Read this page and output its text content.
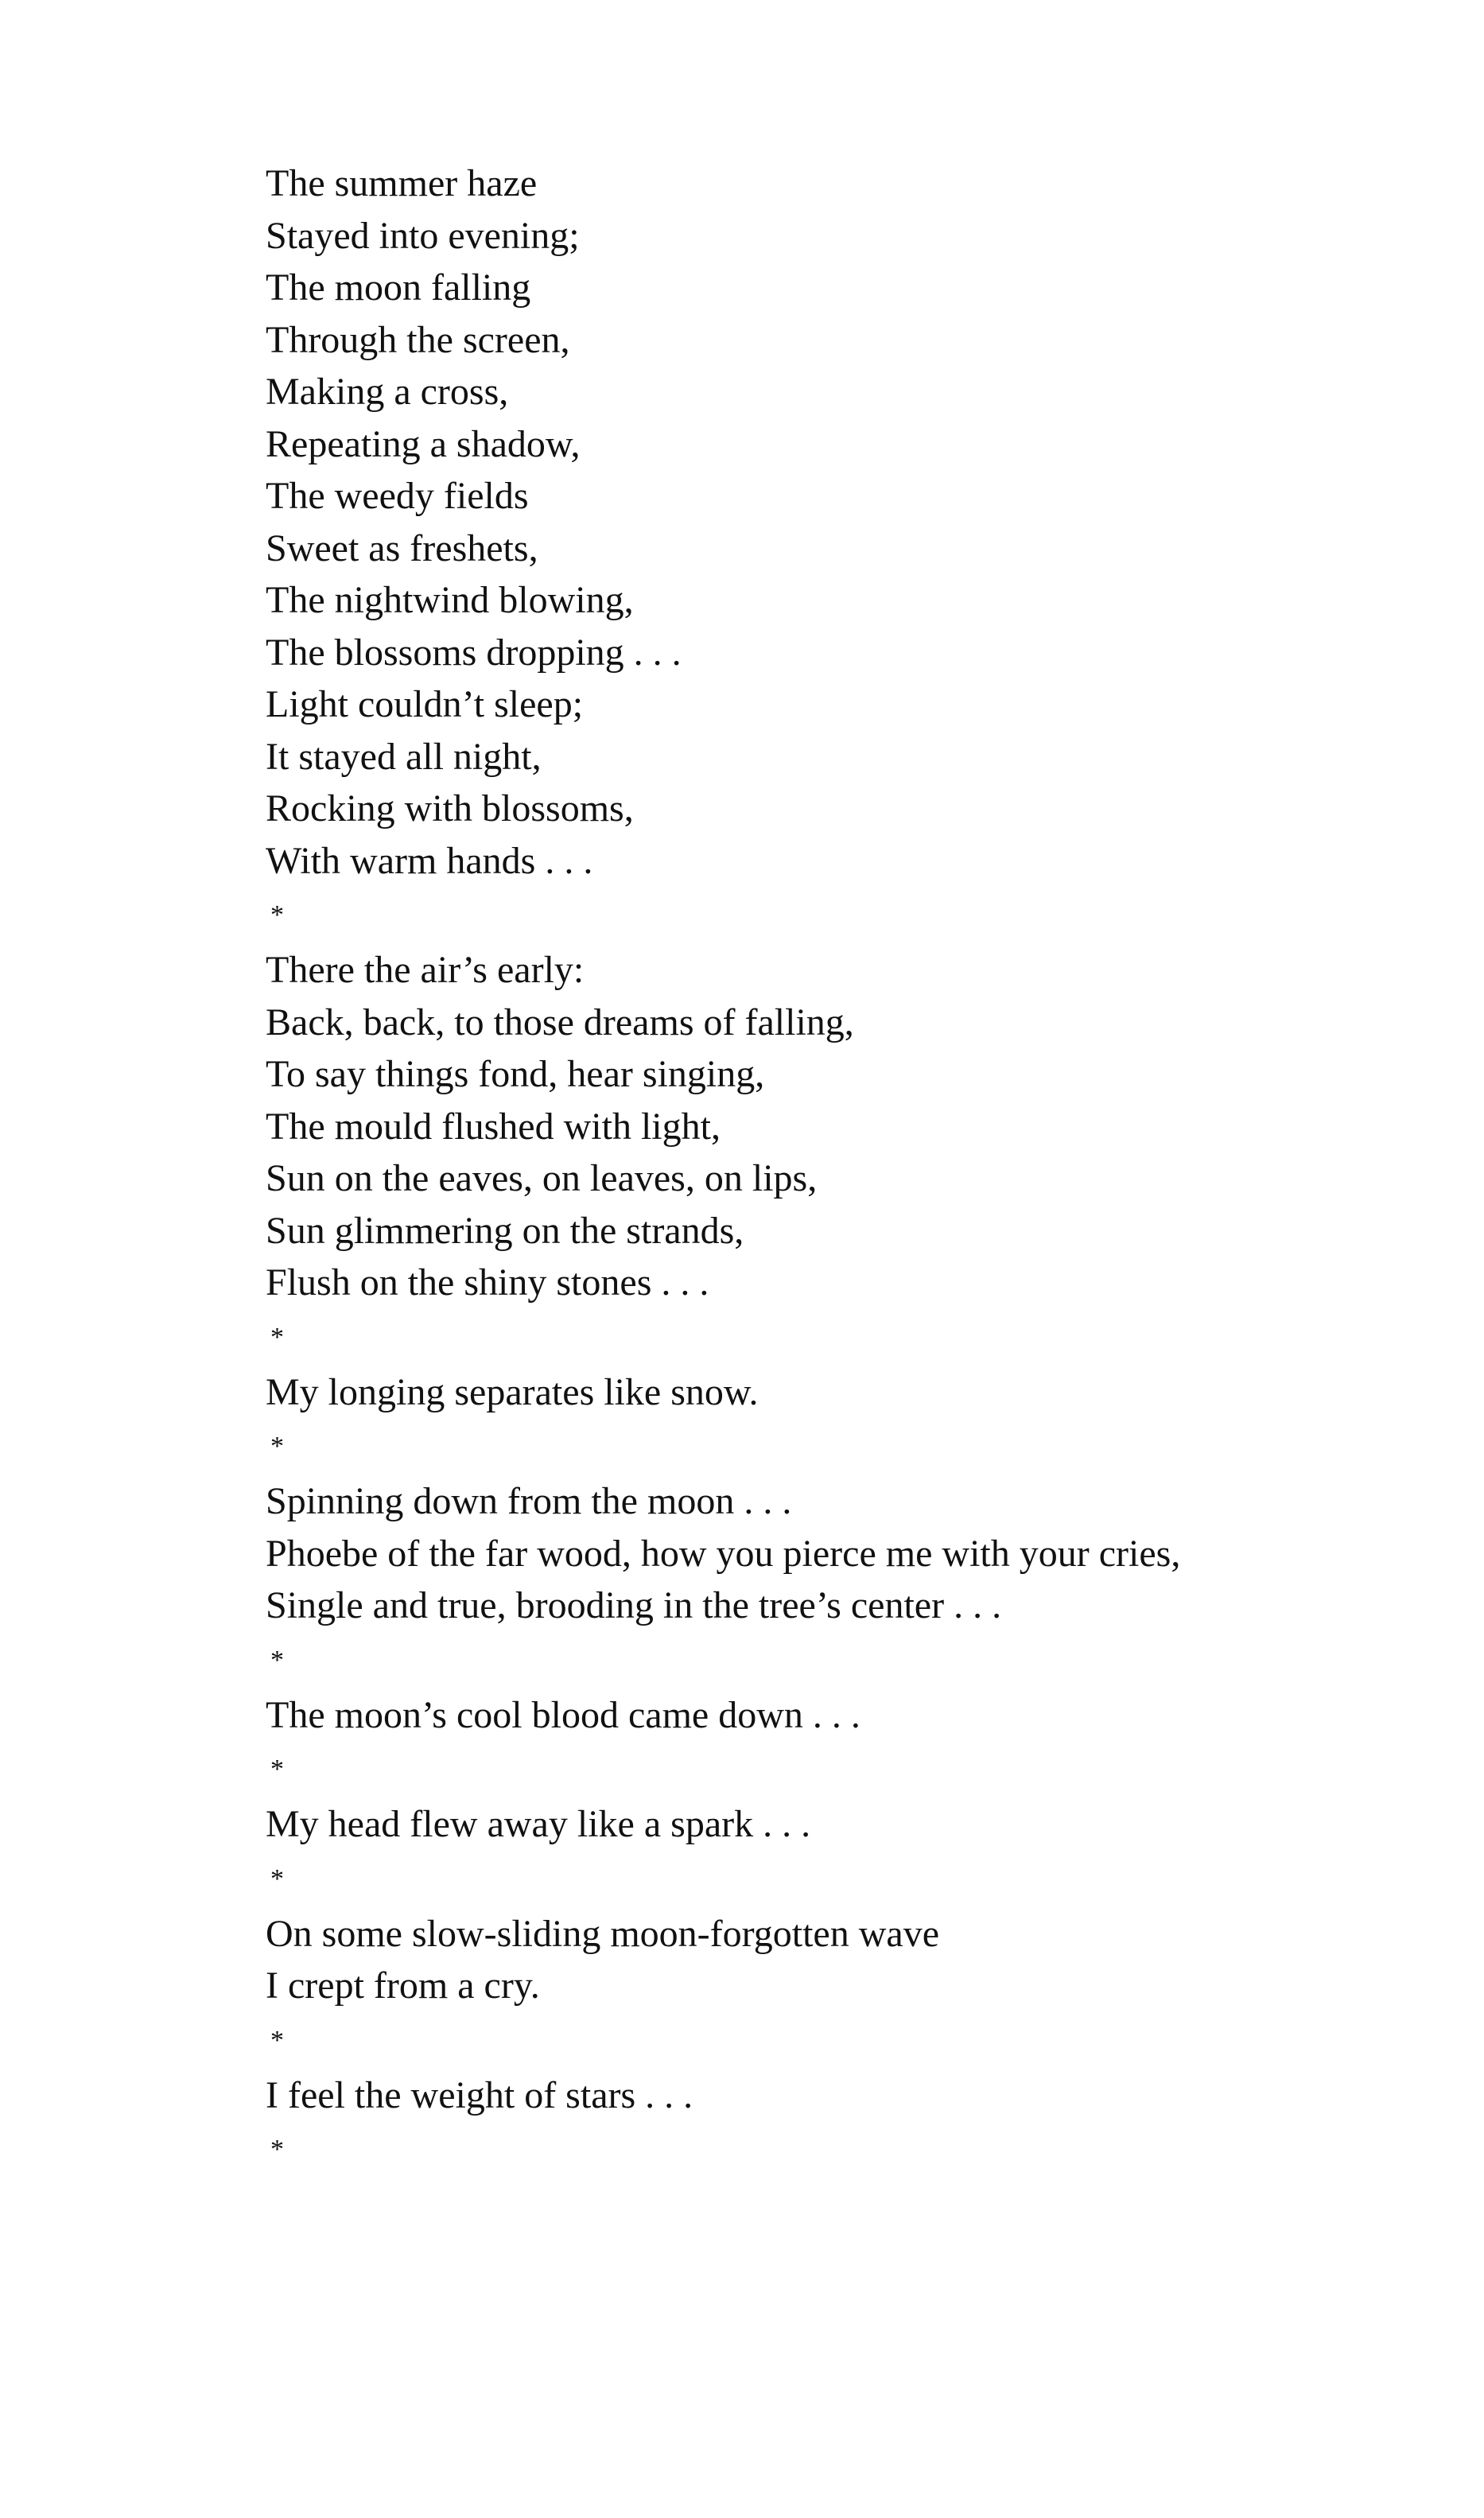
The summer haze
Stayed into evening;
The moon falling
Through the screen,
Making a cross,
Repeating a shadow,
The weedy fields
Sweet as freshets,
The nightwind blowing,
The blossoms dropping . . .
Light couldn’t sleep;
It stayed all night,
Rocking with blossoms,
With warm hands . . .
*
There the air’s early:
Back, back, to those dreams of falling,
To say things fond, hear singing,
The mould flushed with light,
Sun on the eaves, on leaves, on lips,
Sun glimmering on the strands,
Flush on the shiny stones . . .
*
My longing separates like snow.
*
Spinning down from the moon . . .
Phoebe of the far wood, how you pierce me with your cries,
Single and true, brooding in the tree’s center . . .
*
The moon’s cool blood came down . . .
*
My head flew away like a spark . . .
*
On some slow-sliding moon-forgotten wave
I crept from a cry.
*
I feel the weight of stars . . .
*
